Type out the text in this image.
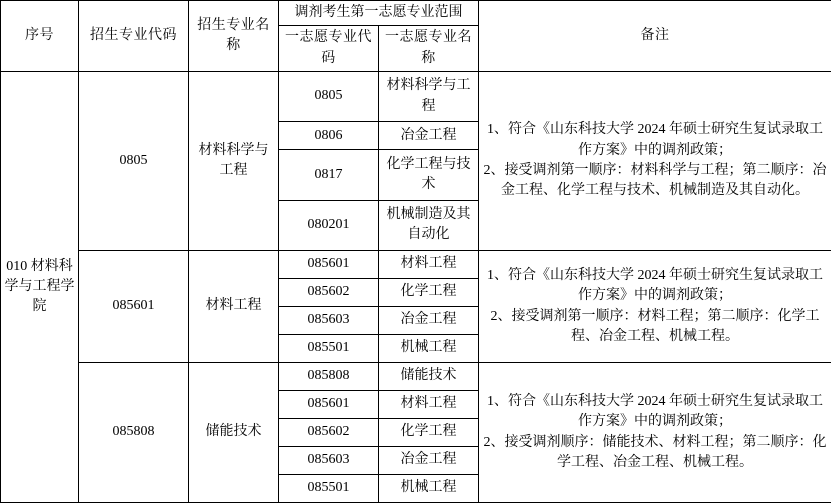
序号	招生专业代码	招生专业名称	调剂考生第一志愿专业范围		备注
			一志愿专业代码	一志愿专业名称	
010 材料科学与工程学院	0805	材料科学与工程	0805	材料科学与工程	1、符合《山东科技大学 2024 年硕士研究生复试录取工作方案》中的调剂政策；

2、接受调剂第一顺序：材料科学与工程；第二顺序：冶金工程、化学工程与技术、机械制造及其自动化。

			0806	冶金工程	
			0817	化学工程与技术	
			080201	机械制造及其自动化	
	085601	材料工程	085601	材料工程	1、符合《山东科技大学 2024 年硕士研究生复试录取工作方案》中的调剂政策；

2、接受调剂第一顺序：材料工程；第二顺序：化学工程、冶金工程、机械工程。

			085602	化学工程	
			085603	冶金工程	
			085501	机械工程	
	085808	储能技术	085808	储能技术	1、符合《山东科技大学 2024 年硕士研究生复试录取工作方案》中的调剂政策；

2、接受调剂顺序：储能技术、材料工程；第二顺序：化学工程、冶金工程、机械工程。

			085601	材料工程	
			085602	化学工程	
			085603	冶金工程	
			085501	机械工程	
